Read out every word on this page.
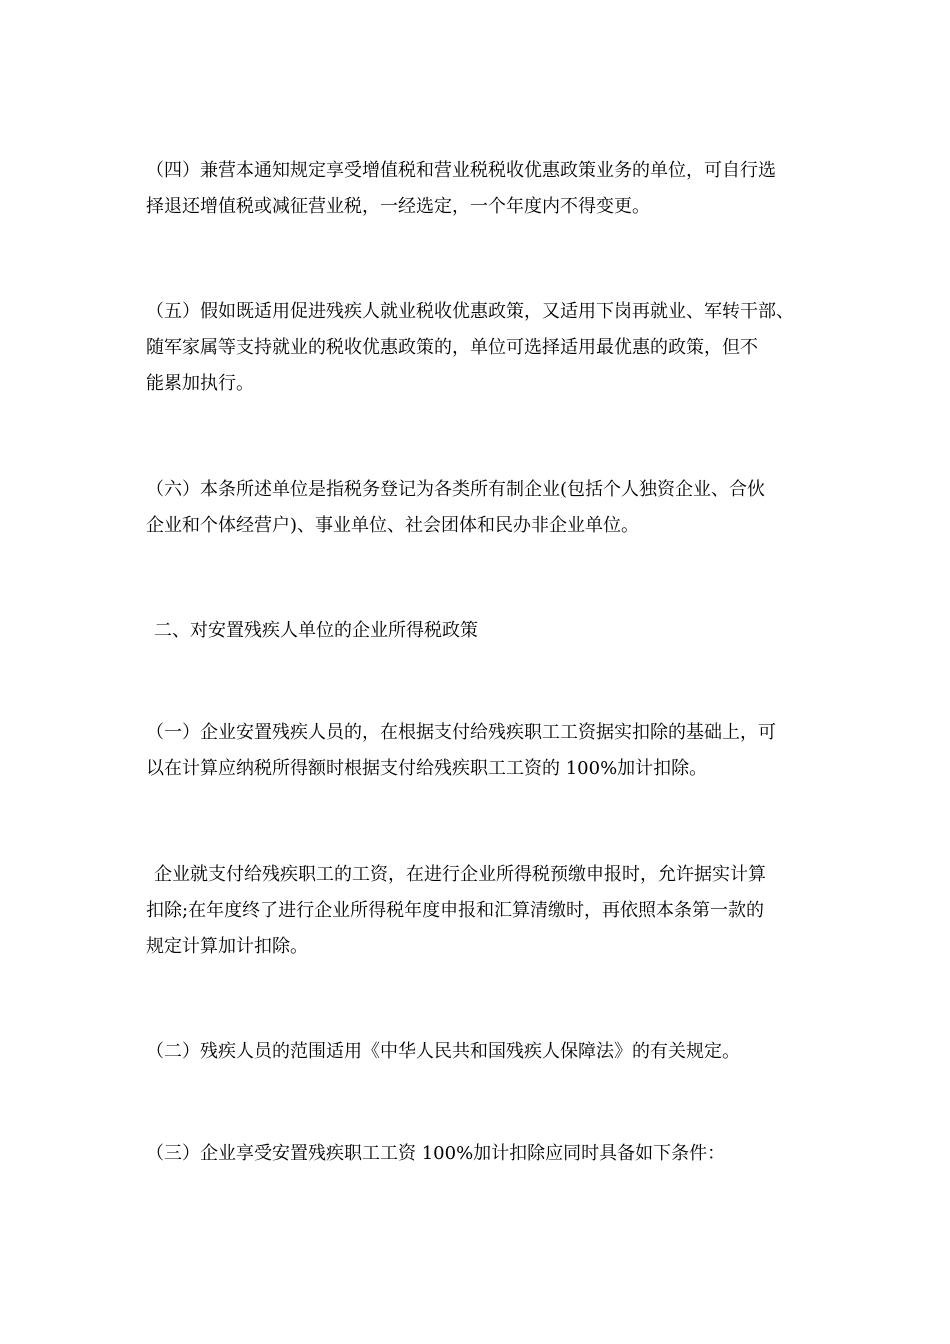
（四）兼营本通知规定享受增值税和营业税税收优惠政策业务的单位，可自行选
择退还增值税或减征营业税，一经选定，一个年度内不得变更。
（五）假如既适用促进残疾人就业税收优惠政策，又适用下岗再就业、军转干部、
随军家属等支持就业的税收优惠政策的，单位可选择适用最优惠的政策，但不
能累加执行。
（六）本条所述单位是指税务登记为各类所有制企业(包括个人独资企业、合伙
企业和个体经营户)、事业单位、社会团体和民办非企业单位。
二、对安置残疾人单位的企业所得税政策
（一）企业安置残疾人员的，在根据支付给残疾职工工资据实扣除的基础上，可
以在计算应纳税所得额时根据支付给残疾职工工资的 100%加计扣除。
企业就支付给残疾职工的工资，在进行企业所得税预缴申报时，允许据实计算
扣除;在年度终了进行企业所得税年度申报和汇算清缴时，再依照本条第一款的
规定计算加计扣除。
（二）残疾人员的范围适用《中华人民共和国残疾人保障法》的有关规定。
（三）企业享受安置残疾职工工资 100%加计扣除应同时具备如下条件：
